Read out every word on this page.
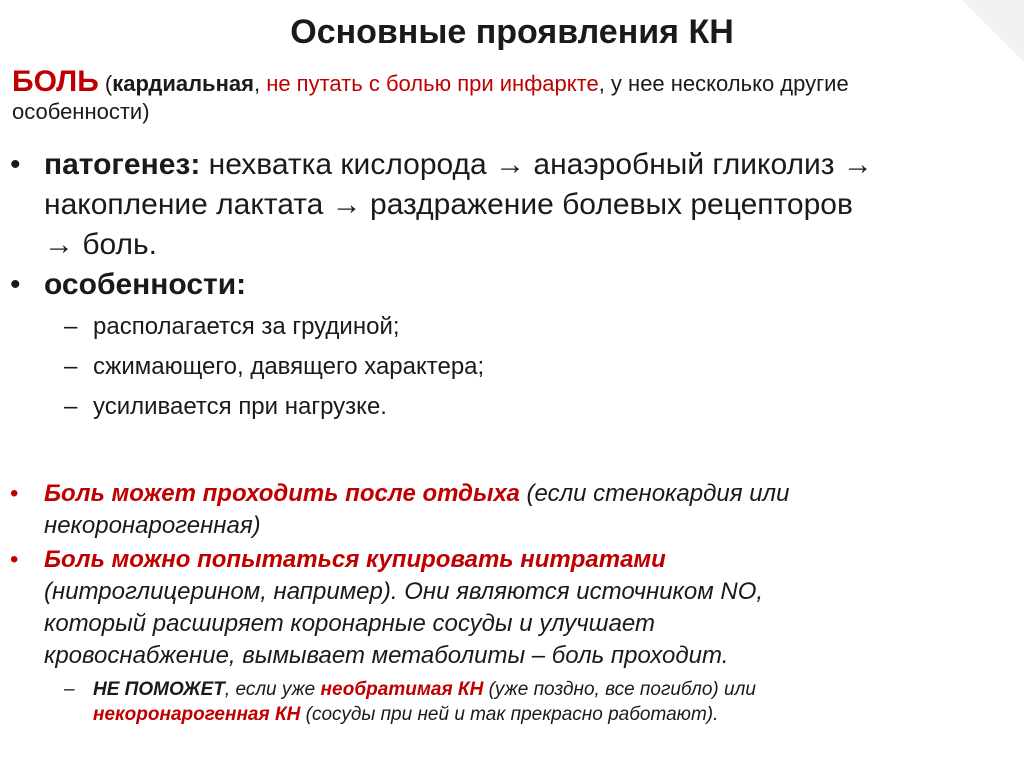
Основные проявления КН
БОЛЬ (кардиальная, не путать с болью при инфаркте, у нее несколько другие
особенности)
• патогенез: нехватка кислорода → анаэробный гликолиз →
накопление лактата → раздражение болевых рецепторов
→ боль.
• особенности:
– располагается за грудиной;
– сжимающего, давящего характера;
– усиливается при нагрузке.
• Боль может проходить после отдыха (если стенокардия или
некоронарогенная)
• Боль можно попытаться купировать нитратами
(нитроглицерином, например). Они являются источником NO,
который расширяет коронарные сосуды и улучшает
кровоснабжение, вымывает метаболиты – боль проходит.
– НЕ ПОМОЖЕТ, если уже необратимая КН (уже поздно, все погибло) или
некоронарогенная КН (сосуды при ней и так прекрасно работают).
